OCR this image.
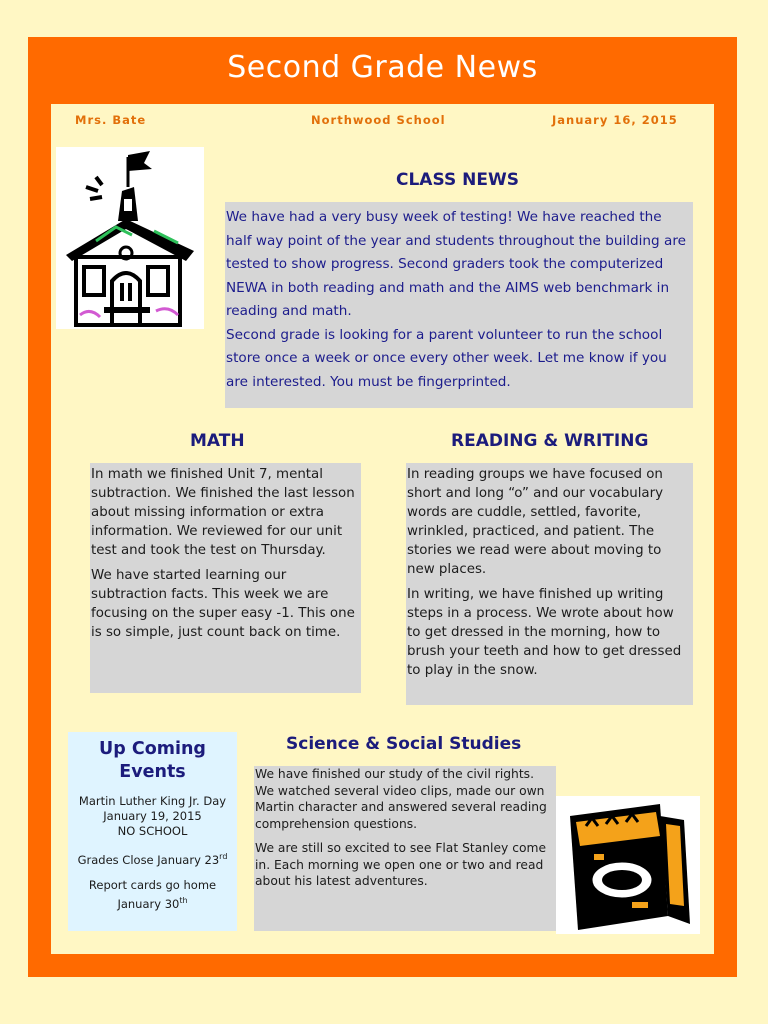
Second Grade News
Mrs. Bate	Northwood School	January 16, 2015
CLASS NEWS

We have had a very busy week of testing! We have reached the half way point of the year and students throughout the building are tested to show progress. Second graders took the computerized NEWA in both reading and math and the AIMS web benchmark in reading and math.

Second grade is looking for a parent volunteer to run the school store once a week or once every other week. Let me know if you are interested. You must be fingerprinted.

MATH

In math we finished Unit 7, mental subtraction. We finished the last lesson about missing information or extra information. We reviewed for our unit test and took the test on Thursday.

We have started learning our subtraction facts. This week we are focusing on the super easy -1. This one is so simple, just count back on time.

READING & WRITING

In reading groups we have focused on short and long “o” and our vocabulary words are cuddle, settled, favorite, wrinkled, practiced, and patient. The stories we read were about moving to new places.

In writing, we have finished up writing steps in a process. We wrote about how to get dressed in the morning, how to brush your teeth and how to get dressed to play in the snow.

Up Coming Events
Martin Luther King Jr. Day
January 19, 2015
NO SCHOOL
Grades Close January 23rd
Report cards go home
January 30th
Science & Social Studies

We have finished our study of the civil rights. We watched several video clips, made our own Martin character and answered several reading comprehension questions.

We are still so excited to see Flat Stanley come in. Each morning we open one or two and read about his latest adventures.
